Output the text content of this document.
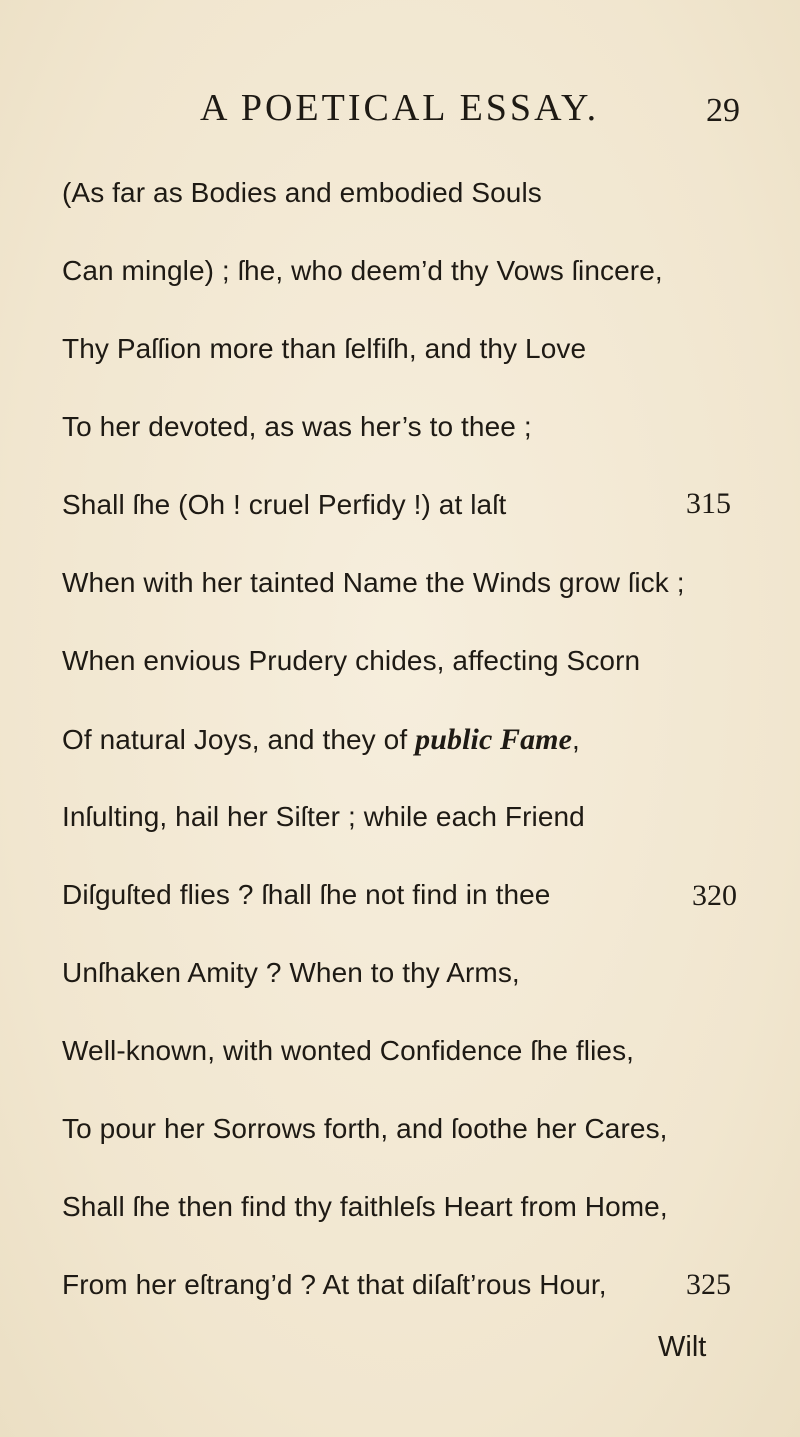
A POETICAL ESSAY.	29
(As far as Bodies and embodied Souls
Can mingle) ; ſhe, who deem’d thy Vows ſincere,
Thy Paſſion more than ſelfiſh, and thy Love
To her devoted, as was her’s to thee ;
Shall ſhe (Oh ! cruel Perfidy !) at laſt	315
When with her tainted Name the Winds grow ſick ;
When envious Prudery chides, affecting Scorn
Of natural Joys, and they of public Fame,
Inſulting, hail her Siſter ; while each Friend
Diſguſted flies ? ſhall ſhe not find in thee	320
Unſhaken Amity ? When to thy Arms,
Well-known, with wonted Confidence ſhe flies,
To pour her Sorrows forth, and ſoothe her Cares,
Shall ſhe then find thy faithleſs Heart from Home,
From her eſtrang’d ? At that diſaſt’rous Hour,	325
Wilt
